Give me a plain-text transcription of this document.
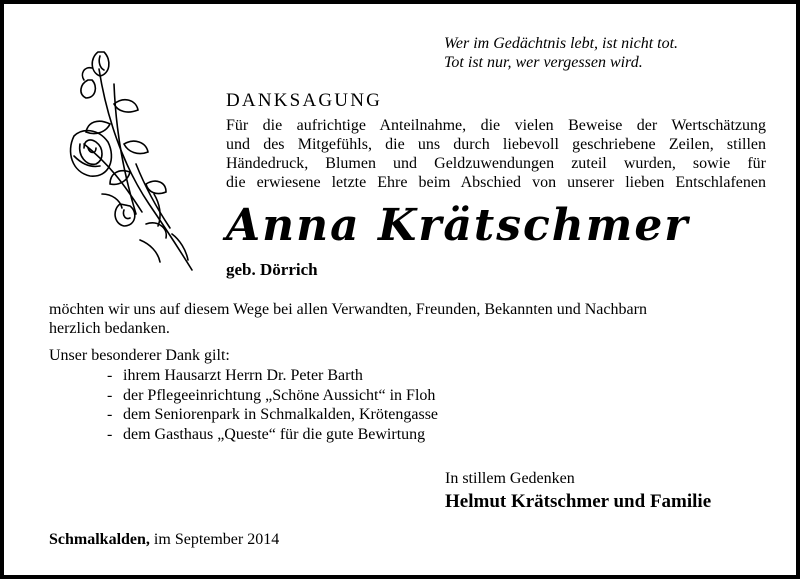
Wer im Gedächtnis lebt, ist nicht tot.
Tot ist nur, wer vergessen wird.
DANKSAGUNG
Für die aufrichtige Anteilnahme, die vielen Beweise der Wertschätzung
und des Mitgefühls, die uns durch liebevoll geschriebene Zeilen, stillen
Händedruck, Blumen und Geldzuwendungen zuteil wurden, sowie für
die erwiesene letzte Ehre beim Abschied von unserer lieben Entschlafenen
Anna Krätschmer
geb. Dörrich
möchten wir uns auf diesem Wege bei allen Verwandten, Freunden, Bekannten und Nachbarn
herzlich bedanken.
Unser besonderer Dank gilt:
- ihrem Hausarzt Herrn Dr. Peter Barth
- der Pflegeeinrichtung „Schöne Aussicht“ in Floh
- dem Seniorenpark in Schmalkalden, Krötengasse
- dem Gasthaus „Queste“ für die gute Bewirtung
In stillem Gedenken
Helmut Krätschmer und Familie
Schmalkalden, im September 2014
